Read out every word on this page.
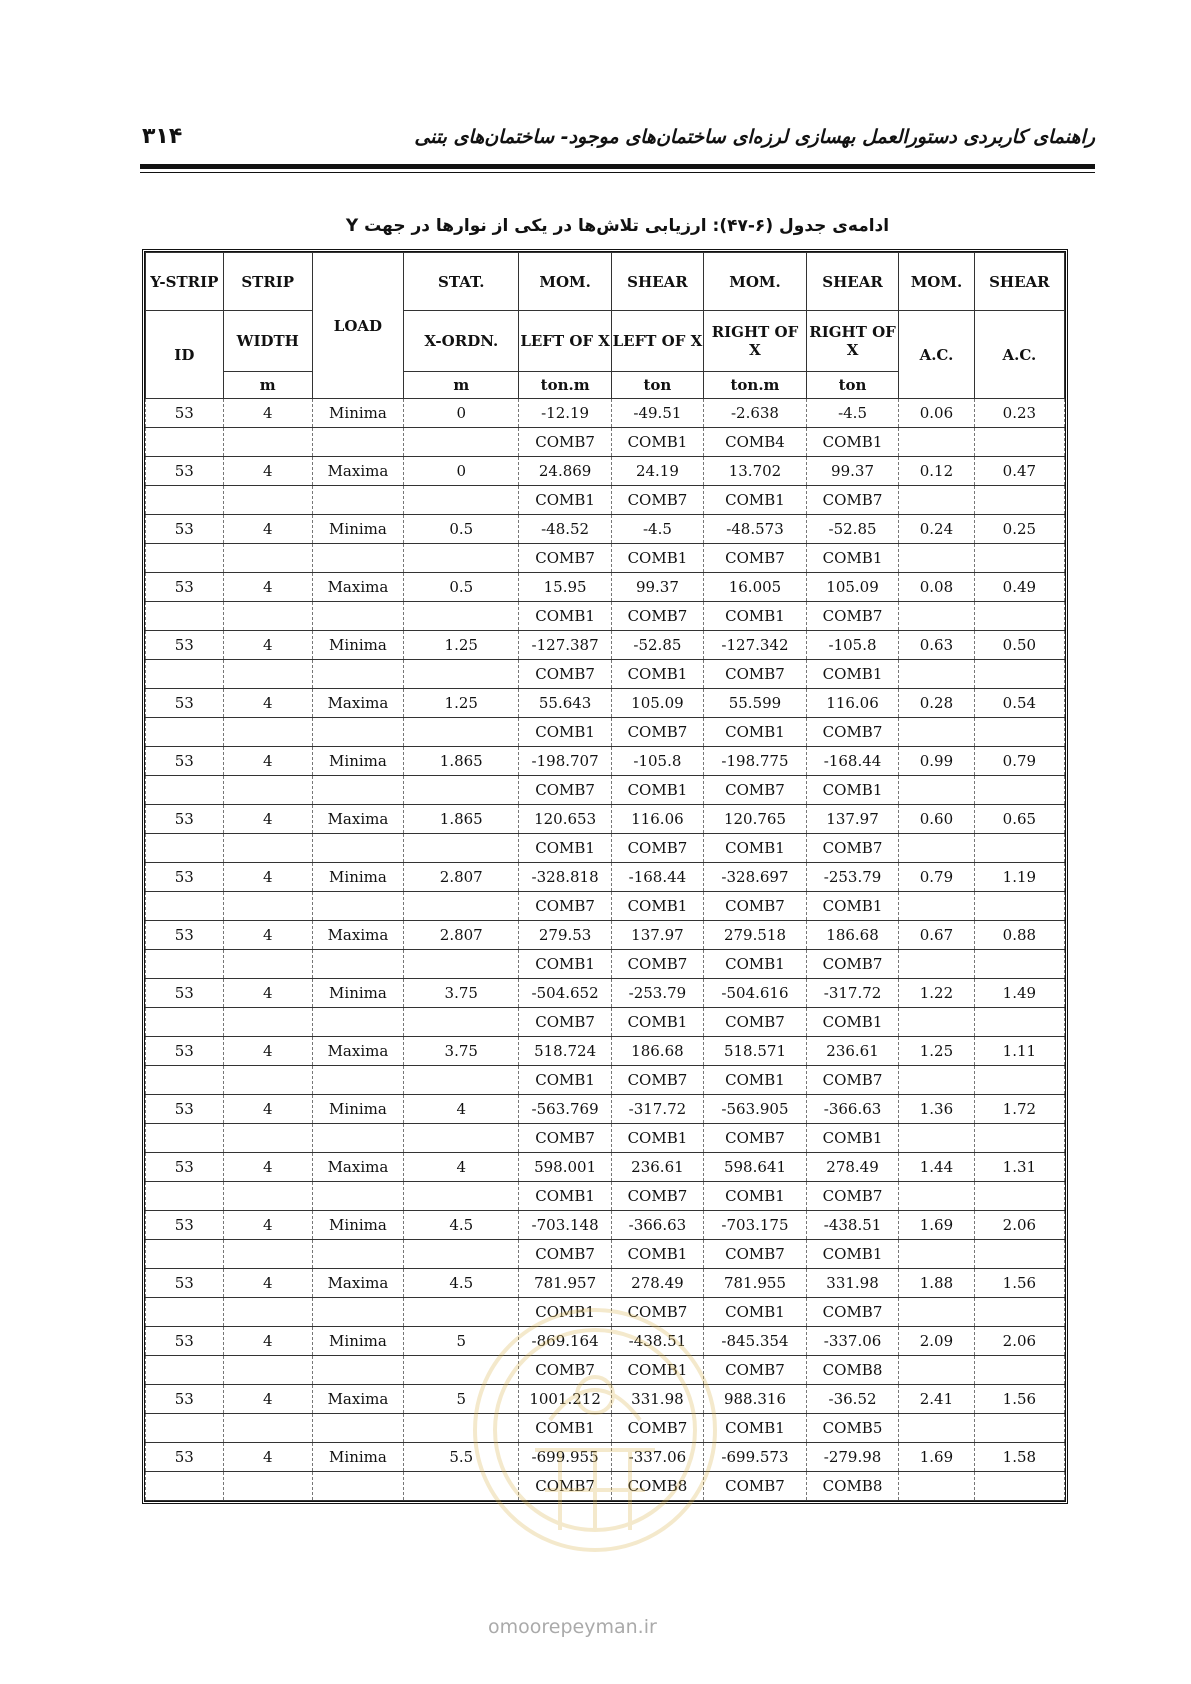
۳۱۴	راهنمای کاربردی دستورالعمل بهسازی لرزه‌ای ساختمان‌های موجود- ساختمان‌های بتنی
ادامه‌ی جدول (۶-۴۷): ارزیابی تلاش‌ها در یکی از نوارها در جهت Y
Y-STRIP	STRIP	LOAD	STAT.	MOM.	SHEAR	MOM.	SHEAR	MOM.	SHEAR
ID	WIDTH		X-ORDN.	LEFT OF X	LEFT OF X	RIGHT OF X	RIGHT OF X	A.C.	A.C.
	m		m	ton.m	ton	ton.m	ton		
53	4	Minima	0	-12.19	-49.51	-2.638	-4.5	0.06	0.23
				COMB7	COMB1	COMB4	COMB1		
53	4	Maxima	0	24.869	24.19	13.702	99.37	0.12	0.47
				COMB1	COMB7	COMB1	COMB7		
53	4	Minima	0.5	-48.52	-4.5	-48.573	-52.85	0.24	0.25
				COMB7	COMB1	COMB7	COMB1		
53	4	Maxima	0.5	15.95	99.37	16.005	105.09	0.08	0.49
				COMB1	COMB7	COMB1	COMB7		
53	4	Minima	1.25	-127.387	-52.85	-127.342	-105.8	0.63	0.50
				COMB7	COMB1	COMB7	COMB1		
53	4	Maxima	1.25	55.643	105.09	55.599	116.06	0.28	0.54
				COMB1	COMB7	COMB1	COMB7		
53	4	Minima	1.865	-198.707	-105.8	-198.775	-168.44	0.99	0.79
				COMB7	COMB1	COMB7	COMB1		
53	4	Maxima	1.865	120.653	116.06	120.765	137.97	0.60	0.65
				COMB1	COMB7	COMB1	COMB7		
53	4	Minima	2.807	-328.818	-168.44	-328.697	-253.79	0.79	1.19
				COMB7	COMB1	COMB7	COMB1		
53	4	Maxima	2.807	279.53	137.97	279.518	186.68	0.67	0.88
				COMB1	COMB7	COMB1	COMB7		
53	4	Minima	3.75	-504.652	-253.79	-504.616	-317.72	1.22	1.49
				COMB7	COMB1	COMB7	COMB1		
53	4	Maxima	3.75	518.724	186.68	518.571	236.61	1.25	1.11
				COMB1	COMB7	COMB1	COMB7		
53	4	Minima	4	-563.769	-317.72	-563.905	-366.63	1.36	1.72
				COMB7	COMB1	COMB7	COMB1		
53	4	Maxima	4	598.001	236.61	598.641	278.49	1.44	1.31
				COMB1	COMB7	COMB1	COMB7		
53	4	Minima	4.5	-703.148	-366.63	-703.175	-438.51	1.69	2.06
				COMB7	COMB1	COMB7	COMB1		
53	4	Maxima	4.5	781.957	278.49	781.955	331.98	1.88	1.56
				COMB1	COMB7	COMB1	COMB7		
53	4	Minima	5	-869.164	-438.51	-845.354	-337.06	2.09	2.06
				COMB7	COMB1	COMB7	COMB8		
53	4	Maxima	5	1001.212	331.98	988.316	-36.52	2.41	1.56
				COMB1	COMB7	COMB1	COMB5		
53	4	Minima	5.5	-699.955	-337.06	-699.573	-279.98	1.69	1.58
				COMB7	COMB8	COMB7	COMB8		
omoorepeyman.ir
